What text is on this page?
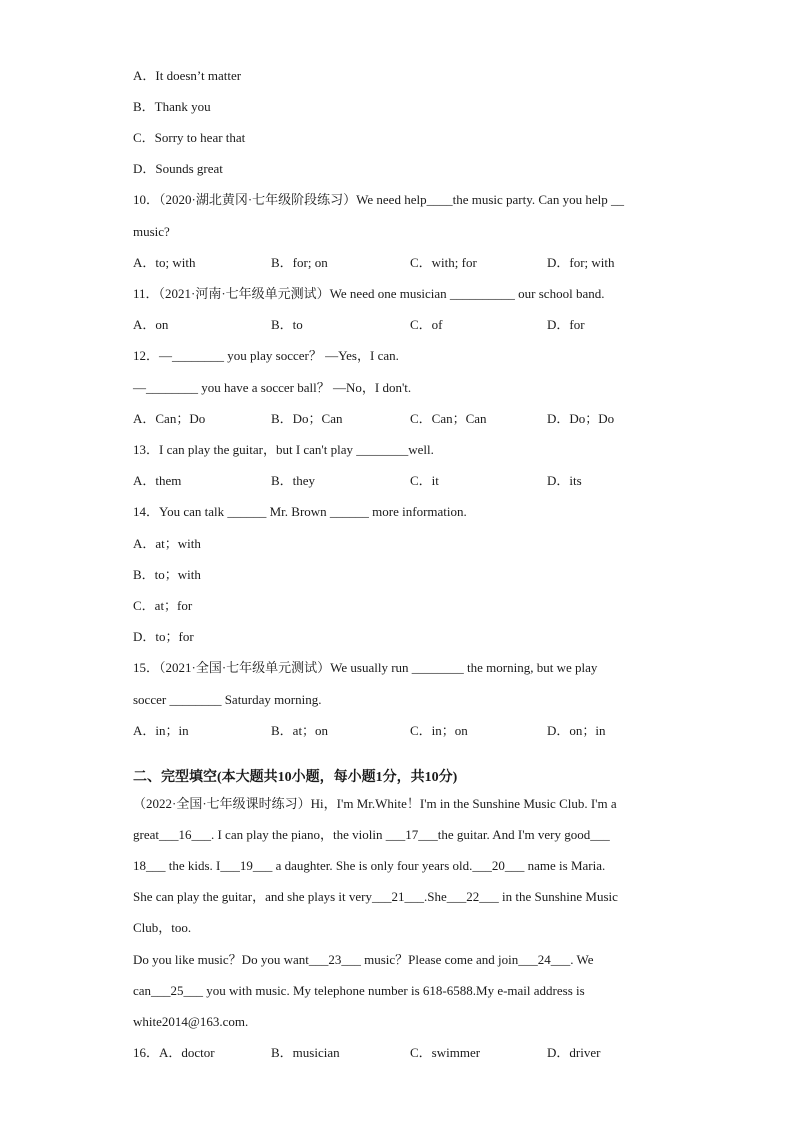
A．It doesn’t matter
B．Thank you
C．Sorry to hear that
D．Sounds great
10．（2020·湖北黄冈·七年级阶段练习）We need help____the music party. Can you help __
music?
A．to; with	B．for; on	C．with; for	D．for; with
11．（2021·河南·七年级单元测试）We need one musician __________ our school band.
A．on	B．to	C．of	D．for
12．—________ you play soccer？ —Yes，I can.
—________ you have a soccer ball？ —No，I don't.
A．Can；Do	B．Do；Can	C．Can；Can	D．Do；Do
13．I can play the guitar，but I can't play ________well.
A．them	B．they	C．it	D．its
14．You can talk ______ Mr. Brown ______ more information.
A．at；with
B．to；with
C．at；for
D．to；for
15．（2021·全国·七年级单元测试）We usually run ________ the morning, but we play
soccer ________ Saturday morning.
A．in；in	B．at；on	C．in；on	D．on；in
二、完型填空(本大题共10小题，每小题1分，共10分)
（2022·全国·七年级课时练习）Hi，I'm Mr.White！I'm in the Sunshine Music Club. I'm a
great___16___. I can play the piano，the violin ___17___the guitar. And I'm very good___
18___ the kids. I___19___ a daughter. She is only four years old.___20___ name is Maria.
She can play the guitar，and she plays it very___21___.She___22___ in the Sunshine Music
Club，too.
Do you like music？Do you want___23___ music？Please come and join___24___. We
can___25___ you with music. My telephone number is 618-6588.My e-mail address is
white2014@163.com.
16．A．doctor	B．musician	C．swimmer	D．driver
